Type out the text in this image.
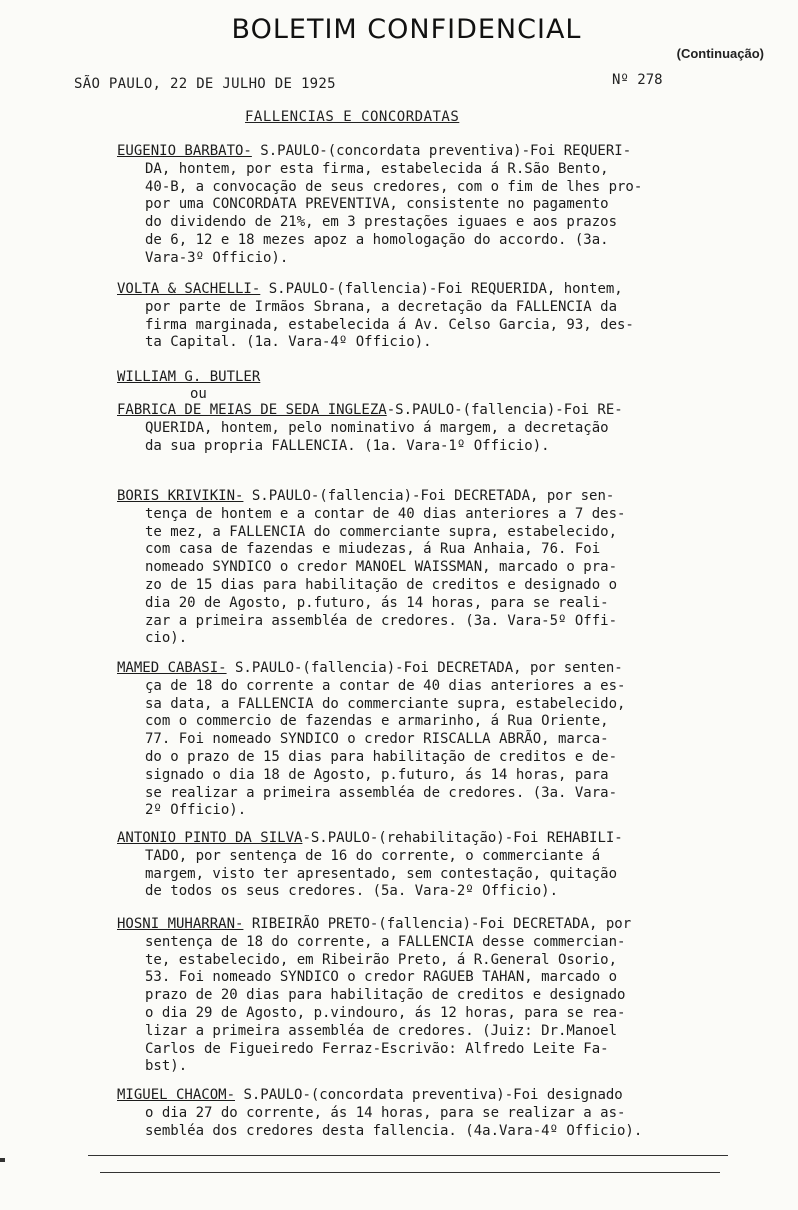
BOLETIM CONFIDENCIAL
(Continuação)
SÃO PAULO, 22 DE JULHO DE 1925	Nº 278
FALLENCIAS E CONCORDATAS
EUGENIO BARBATO- S.PAULO-(concordata preventiva)-Foi REQUERI-
DA, hontem, por esta firma, estabelecida á R.São Bento,
40-B, a convocação de seus credores, com o fim de lhes pro-
por uma CONCORDATA PREVENTIVA, consistente no pagamento
do dividendo de 21%, em 3 prestações iguaes e aos prazos
de 6, 12 e 18 mezes apoz a homologação do accordo. (3a.
Vara-3º Officio).
VOLTA & SACHELLI- S.PAULO-(fallencia)-Foi REQUERIDA, hontem,
por parte de Irmãos Sbrana, a decretação da FALLENCIA da
firma marginada, estabelecida á Av. Celso Garcia, 93, des-
ta Capital. (1a. Vara-4º Officio).
WILLIAM G. BUTLER
ou
FABRICA DE MEIAS DE SEDA INGLEZA-S.PAULO-(fallencia)-Foi RE-
QUERIDA, hontem, pelo nominativo á margem, a decretação
da sua propria FALLENCIA. (1a. Vara-1º Officio).
BORIS KRIVIKIN- S.PAULO-(fallencia)-Foi DECRETADA, por sen-
tença de hontem e a contar de 40 dias anteriores a 7 des-
te mez, a FALLENCIA do commerciante supra, estabelecido,
com casa de fazendas e miudezas, á Rua Anhaia, 76. Foi
nomeado SYNDICO o credor MANOEL WAISSMAN, marcado o pra-
zo de 15 dias para habilitação de creditos e designado o
dia 20 de Agosto, p.futuro, ás 14 horas, para se reali-
zar a primeira assembléa de credores. (3a. Vara-5º Offi-
cio).
MAMED CABASI- S.PAULO-(fallencia)-Foi DECRETADA, por senten-
ça de 18 do corrente a contar de 40 dias anteriores a es-
sa data, a FALLENCIA do commerciante supra, estabelecido,
com o commercio de fazendas e armarinho, á Rua Oriente,
77. Foi nomeado SYNDICO o credor RISCALLA ABRÃO, marca-
do o prazo de 15 dias para habilitação de creditos e de-
signado o dia 18 de Agosto, p.futuro, ás 14 horas, para
se realizar a primeira assembléa de credores. (3a. Vara-
2º Officio).
ANTONIO PINTO DA SILVA-S.PAULO-(rehabilitação)-Foi REHABILI-
TADO, por sentença de 16 do corrente, o commerciante á
margem, visto ter apresentado, sem contestação, quitação
de todos os seus credores. (5a. Vara-2º Officio).
HOSNI MUHARRAN- RIBEIRÃO PRETO-(fallencia)-Foi DECRETADA, por
sentença de 18 do corrente, a FALLENCIA desse commercian-
te, estabelecido, em Ribeirão Preto, á R.General Osorio,
53. Foi nomeado SYNDICO o credor RAGUEB TAHAN, marcado o
prazo de 20 dias para habilitação de creditos e designado
o dia 29 de Agosto, p.vindouro, ás 12 horas, para se rea-
lizar a primeira assembléa de credores. (Juiz: Dr.Manoel
Carlos de Figueiredo Ferraz-Escrivão: Alfredo Leite Fa-
bst).
MIGUEL CHACOM- S.PAULO-(concordata preventiva)-Foi designado
o dia 27 do corrente, ás 14 horas, para se realizar a as-
sembléa dos credores desta fallencia. (4a.Vara-4º Officio).
